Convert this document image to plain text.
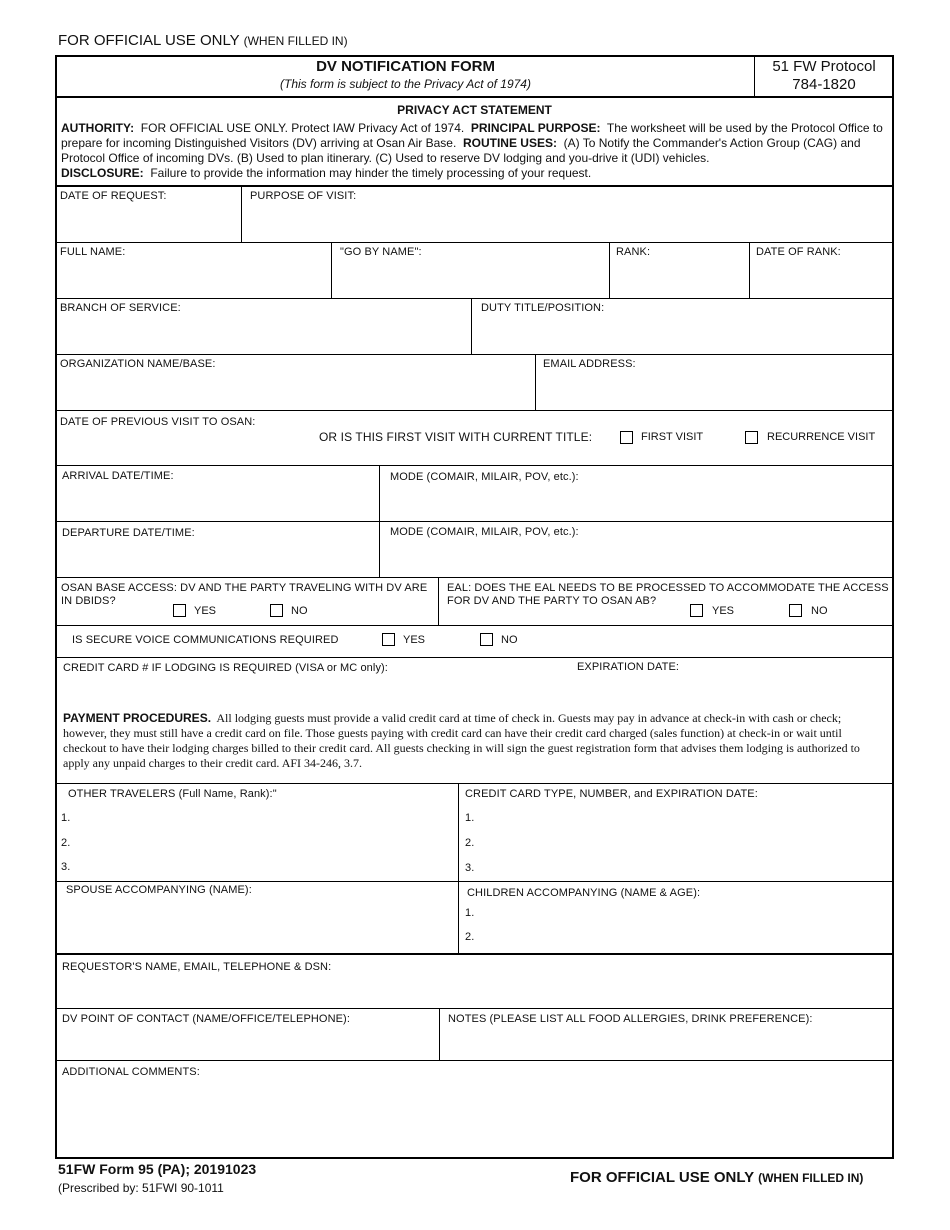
FOR OFFICIAL USE ONLY (WHEN FILLED IN)
DV NOTIFICATION FORM
(This form is subject to the Privacy Act of 1974)
51 FW Protocol
784-1820
PRIVACY ACT STATEMENT
AUTHORITY: FOR OFFICIAL USE ONLY. Protect IAW Privacy Act of 1974. PRINCIPAL PURPOSE: The worksheet will be used by the Protocol Office to prepare for incoming Distinguished Visitors (DV) arriving at Osan Air Base. ROUTINE USES: (A) To Notify the Commander's Action Group (CAG) and Protocol Office of incoming DVs. (B) Used to plan itinerary. (C) Used to reserve DV lodging and you-drive it (UDI) vehicles.
DISCLOSURE: Failure to provide the information may hinder the timely processing of your request.
DATE OF REQUEST:	PURPOSE OF VISIT:
FULL NAME:	"GO BY NAME":	RANK:	DATE OF RANK:
BRANCH OF SERVICE:	DUTY TITLE/POSITION:
ORGANIZATION NAME/BASE:	EMAIL ADDRESS:
DATE OF PREVIOUS VISIT TO OSAN:
OR IS THIS FIRST VISIT WITH CURRENT TITLE:	FIRST VISIT	RECURRENCE VISIT
ARRIVAL DATE/TIME:	MODE (COMAIR, MILAIR, POV, etc.):
DEPARTURE DATE/TIME:	MODE (COMAIR, MILAIR, POV, etc.):
OSAN BASE ACCESS: DV AND THE PARTY TRAVELING WITH DV ARE
IN DBIDS?
YES	NO
EAL: DOES THE EAL NEEDS TO BE PROCESSED TO ACCOMMODATE THE ACCESS
FOR DV AND THE PARTY TO OSAN AB?
YES	NO
IS SECURE VOICE COMMUNICATIONS REQUIRED	YES	NO
CREDIT CARD # IF LODGING IS REQUIRED (VISA or MC only):	EXPIRATION DATE:
PAYMENT PROCEDURES. All lodging guests must provide a valid credit card at time of check in. Guests may pay in advance at check-in with cash or check; however, they must still have a credit card on file. Those guests paying with credit card can have their credit card charged (sales function) at check-in or wait until checkout to have their lodging charges billed to their credit card. All guests checking in will sign the guest registration form that advises them lodging is authorized to apply any unpaid charges to their credit card. AFI 34-246, 3.7.
OTHER TRAVELERS (Full Name, Rank):"
1.
2.
3.
CREDIT CARD TYPE, NUMBER, and EXPIRATION DATE:
1.
2.
3.
SPOUSE ACCOMPANYING (NAME):	CHILDREN ACCOMPANYING (NAME & AGE):
1.
2.
REQUESTOR'S NAME, EMAIL, TELEPHONE & DSN:
DV POINT OF CONTACT (NAME/OFFICE/TELEPHONE):	NOTES (PLEASE LIST ALL FOOD ALLERGIES, DRINK PREFERENCE):
ADDITIONAL COMMENTS:
51FW Form 95 (PA); 20191023
(Prescribed by: 51FWI 90-1011
FOR OFFICIAL USE ONLY (WHEN FILLED IN)
